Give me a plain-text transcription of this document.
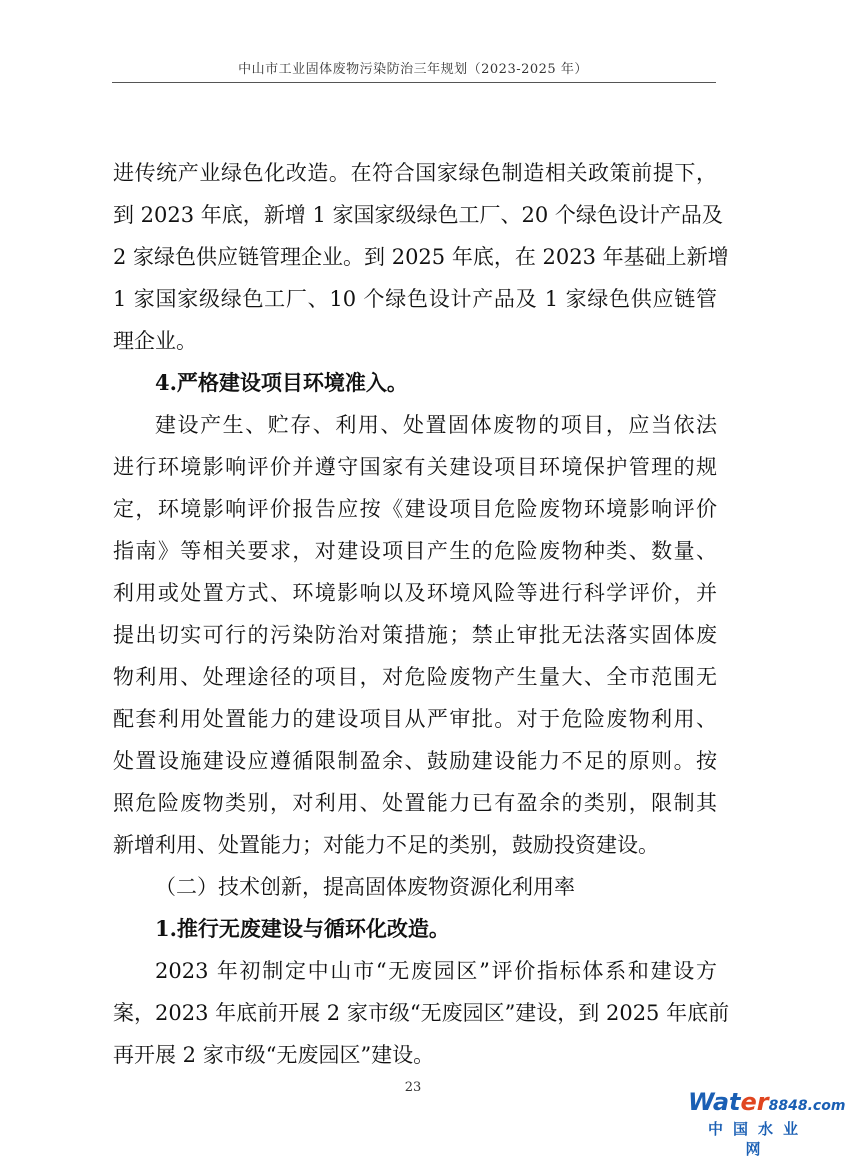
中山市工业固体废物污染防治三年规划（2023-2025 年）
进传统产业绿色化改造。在符合国家绿色制造相关政策前提下，
到 2023 年底，新增 1 家国家级绿色工厂、20 个绿色设计产品及
2 家绿色供应链管理企业。到 2025 年底，在 2023 年基础上新增
1 家国家级绿色工厂、10 个绿色设计产品及 1 家绿色供应链管
理企业。
4.严格建设项目环境准入。
建设产生、贮存、利用、处置固体废物的项目，应当依法
进行环境影响评价并遵守国家有关建设项目环境保护管理的规
定，环境影响评价报告应按《建设项目危险废物环境影响评价
指南》等相关要求，对建设项目产生的危险废物种类、数量、
利用或处置方式、环境影响以及环境风险等进行科学评价，并
提出切实可行的污染防治对策措施；禁止审批无法落实固体废
物利用、处理途径的项目，对危险废物产生量大、全市范围无
配套利用处置能力的建设项目从严审批。对于危险废物利用、
处置设施建设应遵循限制盈余、鼓励建设能力不足的原则。按
照危险废物类别，对利用、处置能力已有盈余的类别，限制其
新增利用、处置能力；对能力不足的类别，鼓励投资建设。
（二）技术创新，提高固体废物资源化利用率
1.推行无废建设与循环化改造。
2023 年初制定中山市“无废园区”评价指标体系和建设方
案，2023 年底前开展 2 家市级“无废园区”建设，到 2025 年底前
再开展 2 家市级“无废园区”建设。
23
Water8848.com
中国水业网
